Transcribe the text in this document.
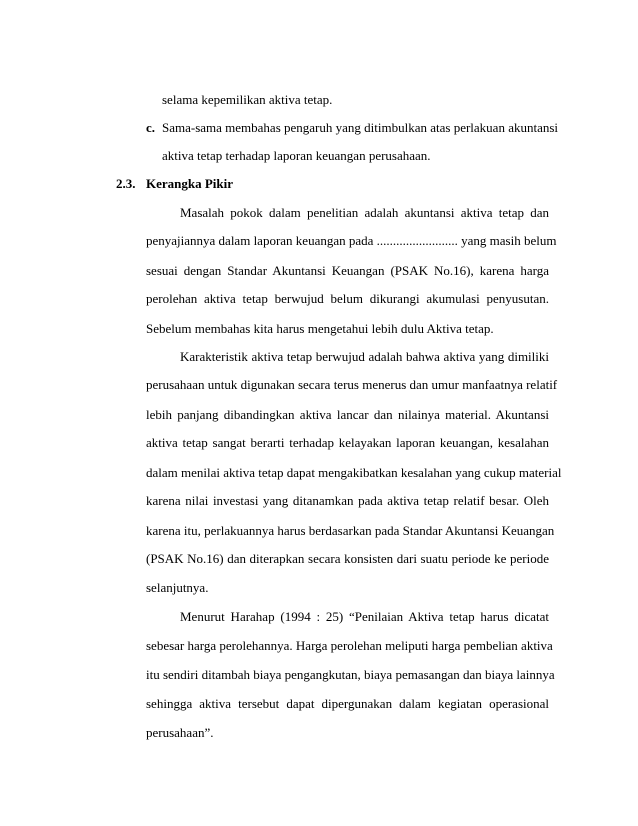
selama kepemilikan aktiva tetap.
c. Sama-sama membahas pengaruh yang ditimbulkan atas perlakuan akuntansi
aktiva tetap terhadap laporan keuangan perusahaan.
2.3. Kerangka Pikir
Masalah pokok dalam penelitian adalah akuntansi aktiva tetap dan
penyajiannya dalam laporan keuangan pada ......................... yang masih belum
sesuai dengan Standar Akuntansi Keuangan (PSAK No.16), karena harga
perolehan aktiva tetap berwujud belum dikurangi akumulasi penyusutan.
Sebelum membahas kita harus mengetahui lebih dulu Aktiva tetap.
Karakteristik aktiva tetap berwujud adalah bahwa aktiva yang dimiliki
perusahaan untuk digunakan secara terus menerus dan umur manfaatnya relatif
lebih panjang dibandingkan aktiva lancar dan nilainya material. Akuntansi
aktiva tetap sangat berarti terhadap kelayakan laporan keuangan, kesalahan
dalam menilai aktiva tetap dapat mengakibatkan kesalahan yang cukup material
karena nilai investasi yang ditanamkan pada aktiva tetap relatif besar. Oleh
karena itu, perlakuannya harus berdasarkan pada Standar Akuntansi Keuangan
(PSAK No.16) dan diterapkan secara konsisten dari suatu periode ke periode
selanjutnya.
Menurut Harahap (1994 : 25) “Penilaian Aktiva tetap harus dicatat
sebesar harga perolehannya. Harga perolehan meliputi harga pembelian aktiva
itu sendiri ditambah biaya pengangkutan, biaya pemasangan dan biaya lainnya
sehingga aktiva tersebut dapat dipergunakan dalam kegiatan operasional
perusahaan”.
